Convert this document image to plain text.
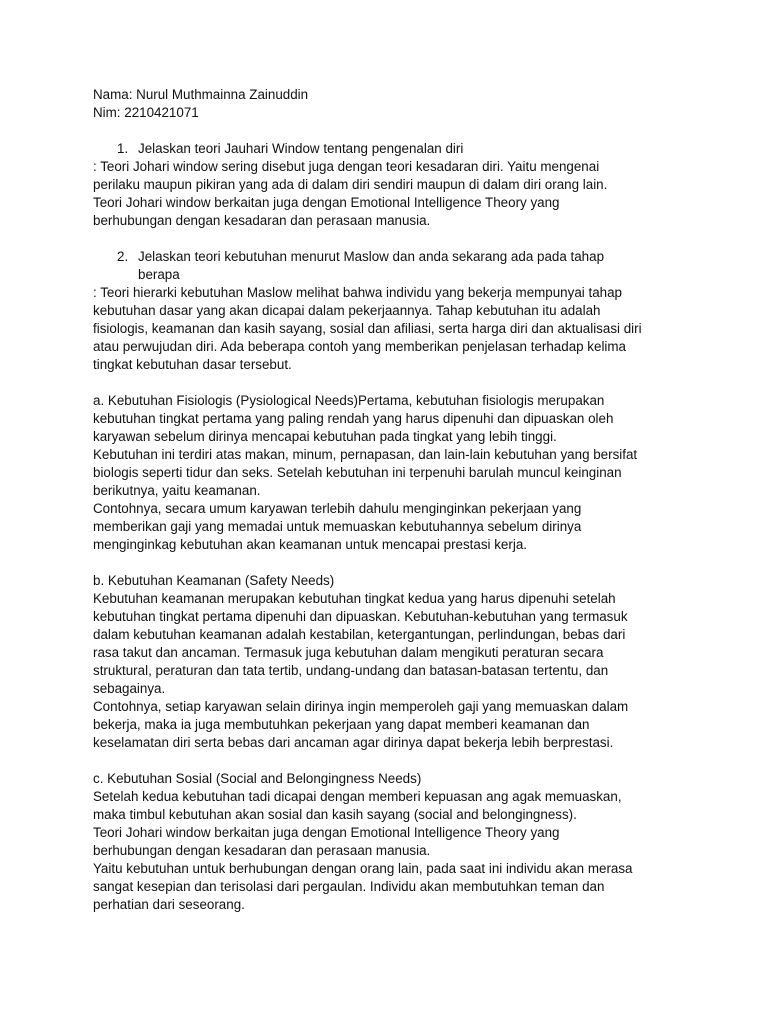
Nama: Nurul Muthmainna Zainuddin
Nim: 2210421071
1. Jelaskan teori Jauhari Window tentang pengenalan diri
: Teori Johari window sering disebut juga dengan teori kesadaran diri. Yaitu mengenai
perilaku maupun pikiran yang ada di dalam diri sendiri maupun di dalam diri orang lain.
Teori Johari window berkaitan juga dengan Emotional Intelligence Theory yang
berhubungan dengan kesadaran dan perasaan manusia.
2. Jelaskan teori kebutuhan menurut Maslow dan anda sekarang ada pada tahap
berapa
: Teori hierarki kebutuhan Maslow melihat bahwa individu yang bekerja mempunyai tahap
kebutuhan dasar yang akan dicapai dalam pekerjaannya. Tahap kebutuhan itu adalah
fisiologis, keamanan dan kasih sayang, sosial dan afiliasi, serta harga diri dan aktualisasi diri
atau perwujudan diri. Ada beberapa contoh yang memberikan penjelasan terhadap kelima
tingkat kebutuhan dasar tersebut.
a. Kebutuhan Fisiologis (Pysiological Needs)Pertama, kebutuhan fisiologis merupakan
kebutuhan tingkat pertama yang paling rendah yang harus dipenuhi dan dipuaskan oleh
karyawan sebelum dirinya mencapai kebutuhan pada tingkat yang lebih tinggi.
Kebutuhan ini terdiri atas makan, minum, pernapasan, dan lain-lain kebutuhan yang bersifat
biologis seperti tidur dan seks. Setelah kebutuhan ini terpenuhi barulah muncul keinginan
berikutnya, yaitu keamanan.
Contohnya, secara umum karyawan terlebih dahulu menginginkan pekerjaan yang
memberikan gaji yang memadai untuk memuaskan kebutuhannya sebelum dirinya
menginginkag kebutuhan akan keamanan untuk mencapai prestasi kerja.
b. Kebutuhan Keamanan (Safety Needs)
Kebutuhan keamanan merupakan kebutuhan tingkat kedua yang harus dipenuhi setelah
kebutuhan tingkat pertama dipenuhi dan dipuaskan. Kebutuhan-kebutuhan yang termasuk
dalam kebutuhan keamanan adalah kestabilan, ketergantungan, perlindungan, bebas dari
rasa takut dan ancaman. Termasuk juga kebutuhan dalam mengikuti peraturan secara
struktural, peraturan dan tata tertib, undang-undang dan batasan-batasan tertentu, dan
sebagainya.
Contohnya, setiap karyawan selain dirinya ingin memperoleh gaji yang memuaskan dalam
bekerja, maka ia juga membutuhkan pekerjaan yang dapat memberi keamanan dan
keselamatan diri serta bebas dari ancaman agar dirinya dapat bekerja lebih berprestasi.
c. Kebutuhan Sosial (Social and Belongingness Needs)
Setelah kedua kebutuhan tadi dicapai dengan memberi kepuasan ang agak memuaskan,
maka timbul kebutuhan akan sosial dan kasih sayang (social and belongingness).
Teori Johari window berkaitan juga dengan Emotional Intelligence Theory yang
berhubungan dengan kesadaran dan perasaan manusia.
Yaitu kebutuhan untuk berhubungan dengan orang lain, pada saat ini individu akan merasa
sangat kesepian dan terisolasi dari pergaulan. Individu akan membutuhkan teman dan
perhatian dari seseorang.
